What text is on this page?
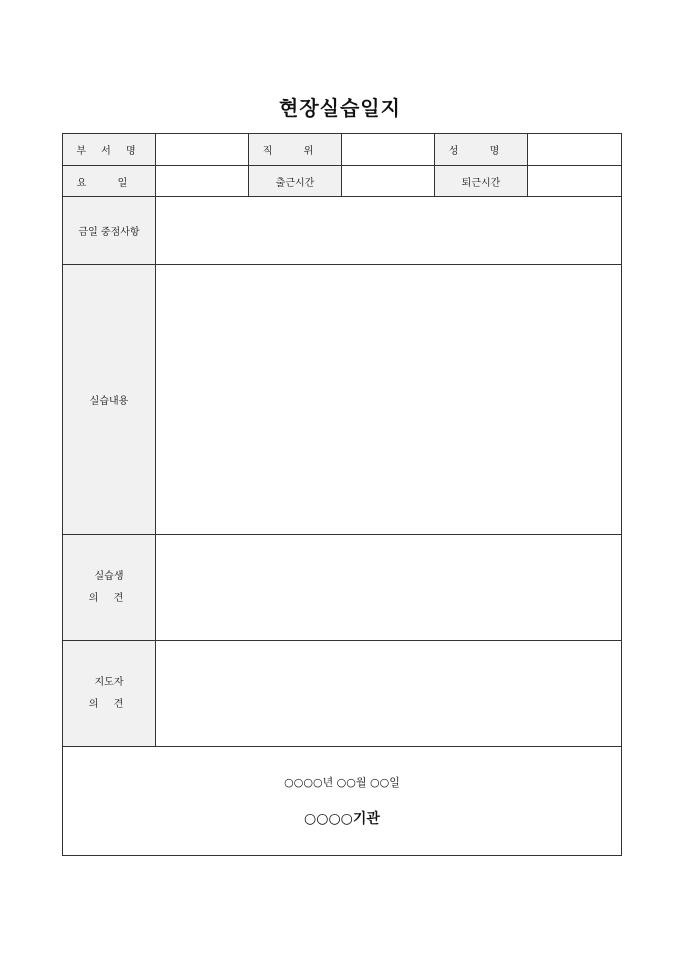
현장실습일지
부 서 명		직 위		성 명	
요 일		출근시간		퇴근시간	
금일 중점사항					
실습내용					
실습생
의 견					
지도자
의 견					

○○○○년 ○○월 ○○일
○○○○기관					
